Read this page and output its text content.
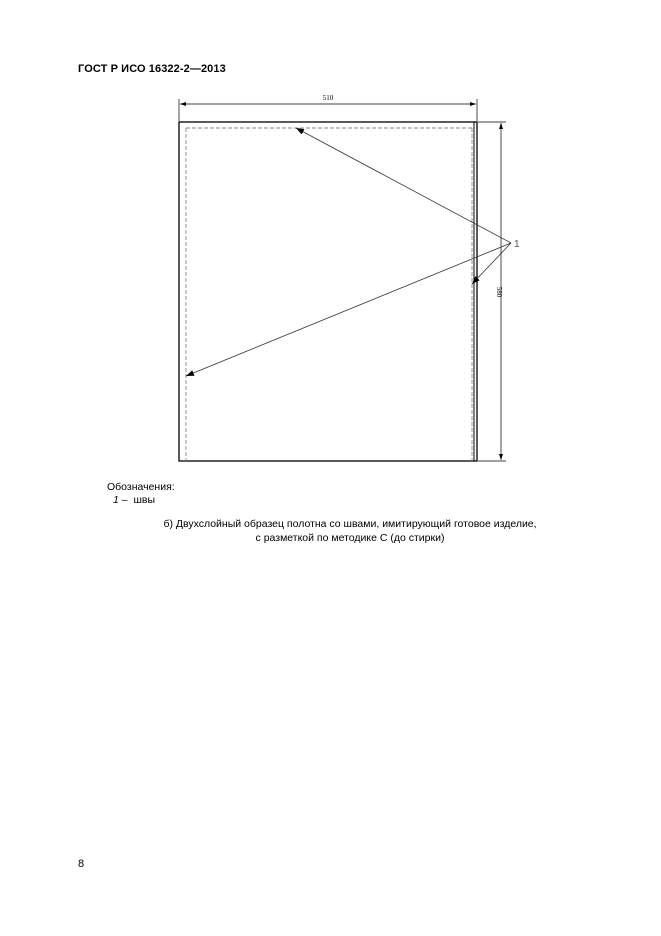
ГОСТ Р ИСО 16322-2—2013
510
580
1
Обозначения:
1 –  швы
б) Двухслойный образец полотна со швами, имитирующий готовое изделие,
с разметкой по методике С (до стирки)
8
